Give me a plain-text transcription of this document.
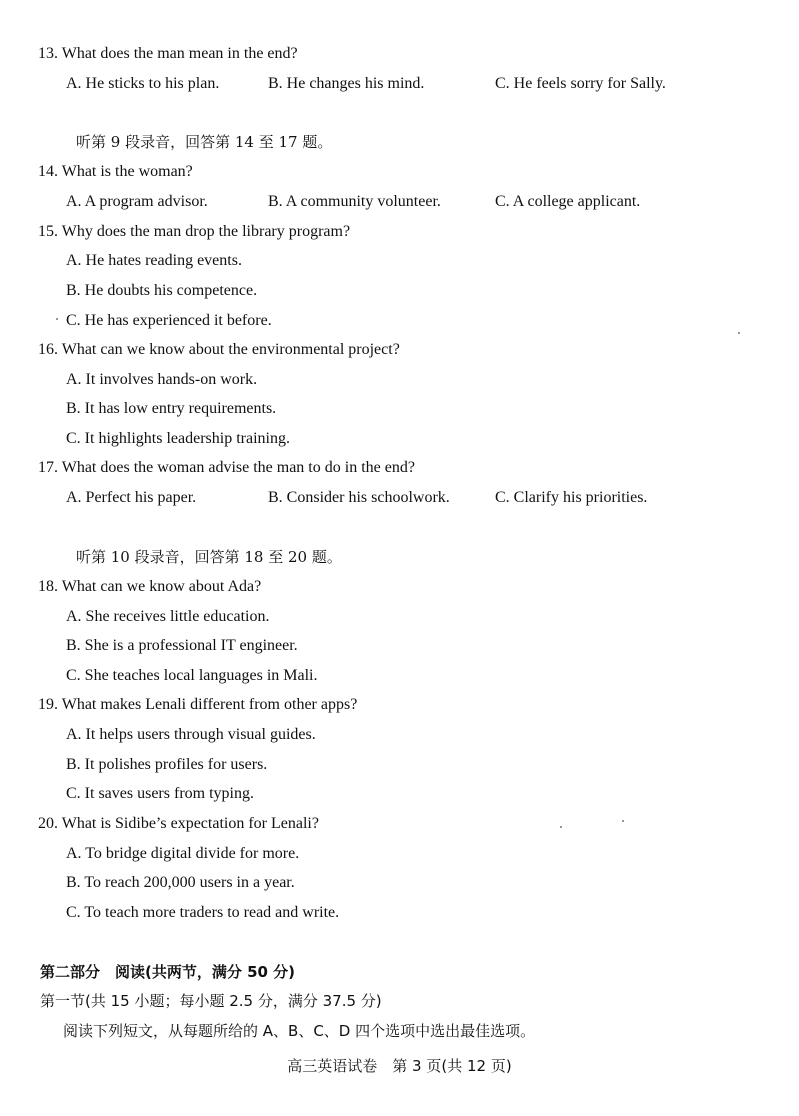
13. What does the man mean in the end?
A. He sticks to his plan.	B. He changes his mind.	C. He feels sorry for Sally.
听第 9 段录音，回答第 14 至 17 题。
14. What is the woman?
A. A program advisor.	B. A community volunteer.	C. A college applicant.
15. Why does the man drop the library program?
A. He hates reading events.
B. He doubts his competence.
C. He has experienced it before.
16. What can we know about the environmental project?
A. It involves hands-on work.
B. It has low entry requirements.
C. It highlights leadership training.
17. What does the woman advise the man to do in the end?
A. Perfect his paper.	B. Consider his schoolwork.	C. Clarify his priorities.
听第 10 段录音，回答第 18 至 20 题。
18. What can we know about Ada?
A. She receives little education.
B. She is a professional IT engineer.
C. She teaches local languages in Mali.
19. What makes Lenali different from other apps?
A. It helps users through visual guides.
B. It polishes profiles for users.
C. It saves users from typing.
20. What is Sidibe’s expectation for Lenali?
A. To bridge digital divide for more.
B. To reach 200,000 users in a year.
C. To teach more traders to read and write.
第二部分　阅读(共两节，满分 50 分)
第一节(共 15 小题；每小题 2.5 分，满分 37.5 分)
阅读下列短文，从每题所给的 A、B、C、D 四个选项中选出最佳选项。
高三英语试卷　第 3 页(共 12 页)
